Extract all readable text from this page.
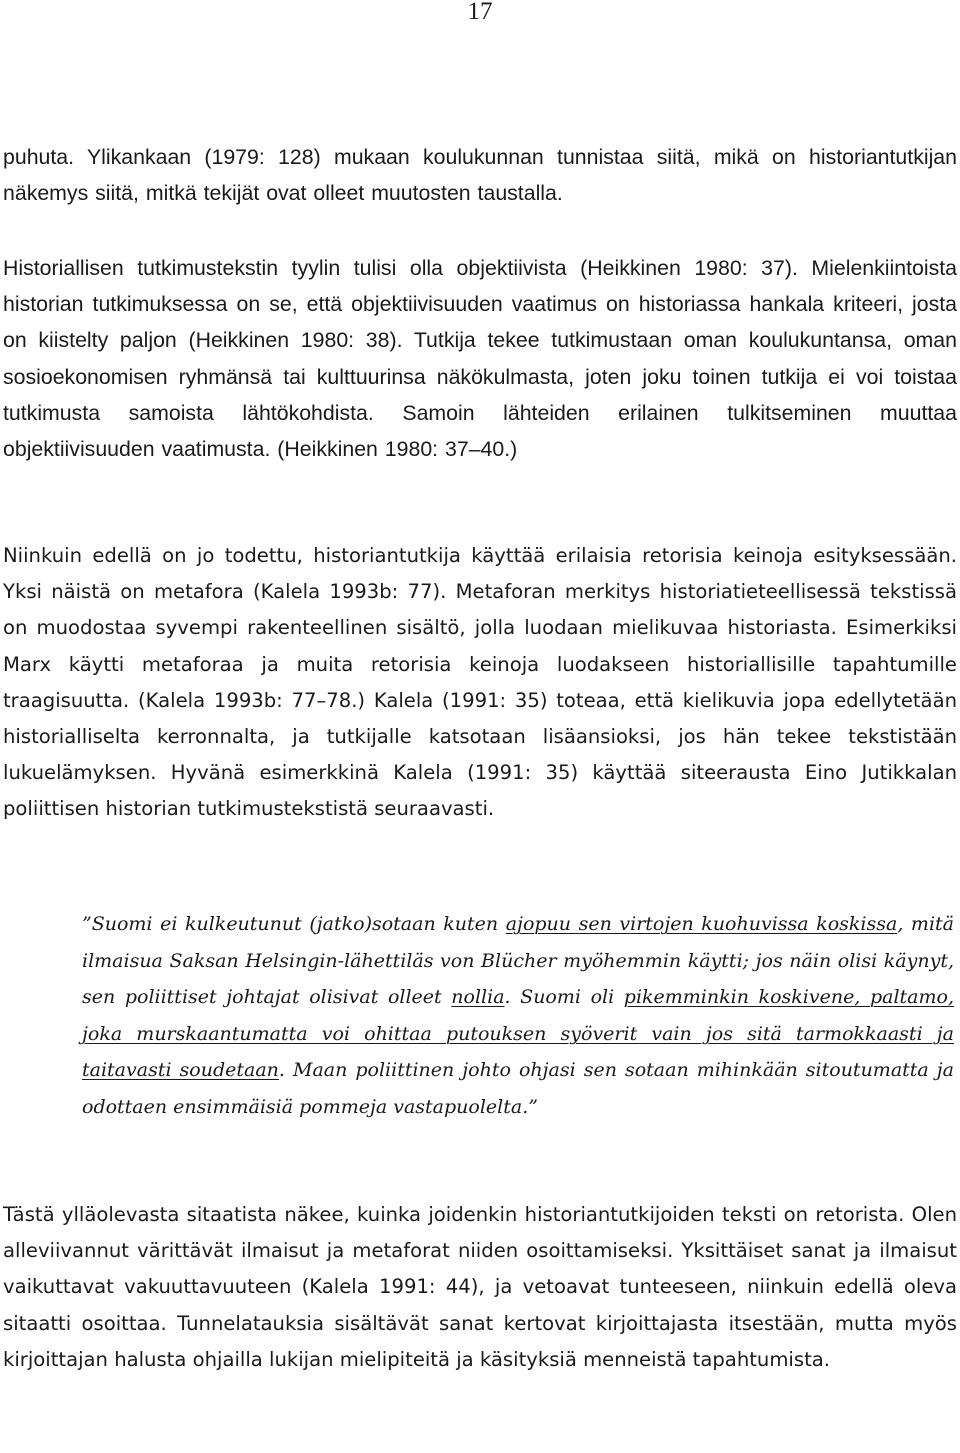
17

puhuta. Ylikankaan (1979: 128) mukaan koulukunnan tunnistaa siitä, mikä on historiantutkijan näkemys siitä, mitkä tekijät ovat olleet muutosten taustalla.

Historiallisen tutkimustekstin tyylin tulisi olla objektiivista (Heikkinen 1980: 37). Mielenkiintoista historian tutkimuksessa on se, että objektiivisuuden vaatimus on historiassa hankala kriteeri, josta on kiistelty paljon (Heikkinen 1980: 38). Tutkija tekee tutkimustaan oman koulukuntansa, oman sosioekonomisen ryhmänsä tai kulttuurinsa näkökulmasta, joten joku toinen tutkija ei voi toistaa tutkimusta samoista lähtökohdista. Samoin lähteiden erilainen tulkitseminen muuttaa objektiivisuuden vaatimusta. (Heikkinen 1980: 37–40.)

Niinkuin edellä on jo todettu, historiantutkija käyttää erilaisia retorisia keinoja esityksessään. Yksi näistä on metafora (Kalela 1993b: 77). Metaforan merkitys historiatieteellisessä tekstissä on muodostaa syvempi rakenteellinen sisältö, jolla luodaan mielikuvaa historiasta. Esimerkiksi Marx käytti metaforaa ja muita retorisia keinoja luodakseen historiallisille tapahtumille traagisuutta. (Kalela 1993b: 77–78.) Kalela (1991: 35) toteaa, että kielikuvia jopa edellytetään historialliselta kerronnalta, ja tutkijalle katsotaan lisäansioksi, jos hän tekee tekstistään lukuelämyksen. Hyvänä esimerkkinä Kalela (1991: 35) käyttää siteerausta Eino Jutikkalan poliittisen historian tutkimustekstistä seuraavasti.

”Suomi ei kulkeutunut (jatko)sotaan kuten ajopuu sen virtojen kuohuvissa koskissa, mitä ilmaisua Saksan Helsingin-lähettiläs von Blücher myöhemmin käytti; jos näin olisi käynyt, sen poliittiset johtajat olisivat olleet nollia. Suomi oli pikemminkin koskivene, paltamo, joka murskaantumatta voi ohittaa putouksen syöverit vain jos sitä tarmokkaasti ja taitavasti soudetaan. Maan poliittinen johto ohjasi sen sotaan mihinkään sitoutumatta ja odottaen ensimmäisiä pommeja vastapuolelta.”

Tästä ylläolevasta sitaatista näkee, kuinka joidenkin historiantutkijoiden teksti on retorista. Olen alleviivannut värittävät ilmaisut ja metaforat niiden osoittamiseksi. Yksittäiset sanat ja ilmaisut vaikuttavat vakuuttavuuteen (Kalela 1991: 44), ja vetoavat tunteeseen, niinkuin edellä oleva sitaatti osoittaa. Tunnelatauksia sisältävät sanat kertovat kirjoittajasta itsestään, mutta myös kirjoittajan halusta ohjailla lukijan mielipiteitä ja käsityksiä menneistä tapahtumista.
